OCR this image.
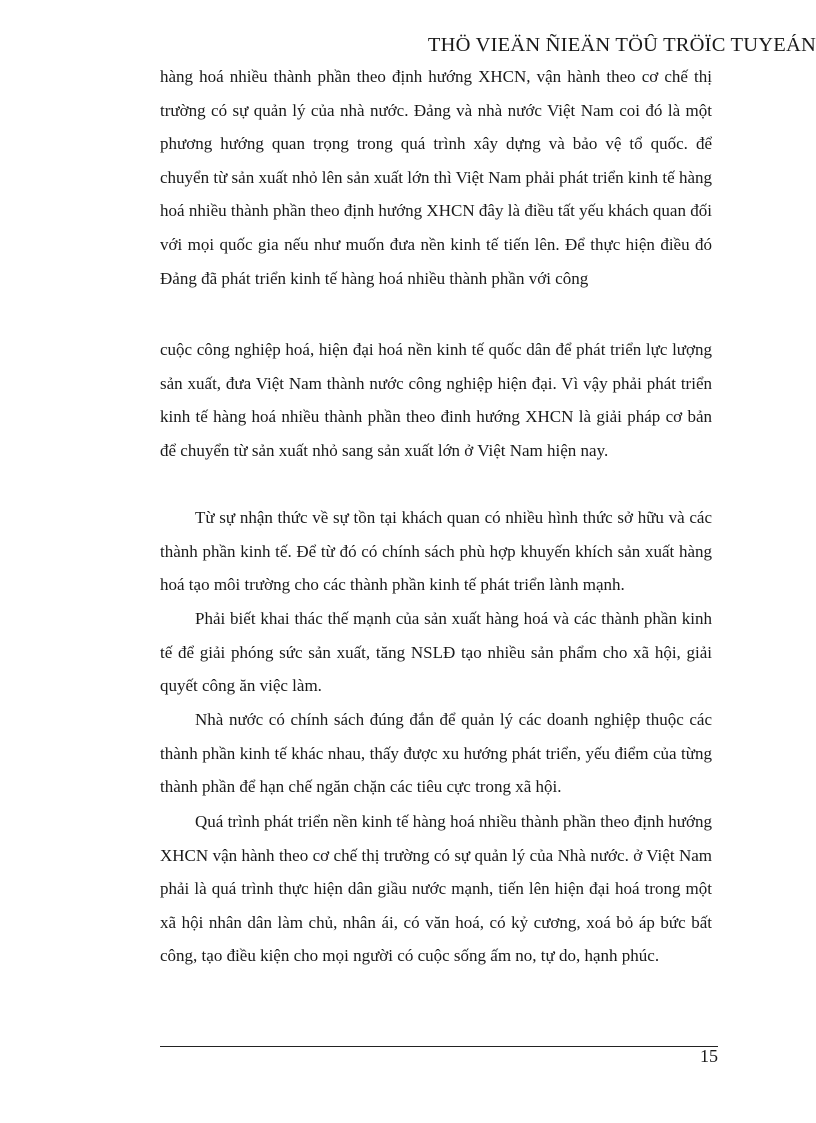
THÖ VIEÄN ÑIEÄN TÖÛ TRÖÏC TUYEÁN

hàng hoá nhiều thành phần theo định hướng XHCN, vận hành theo cơ chế thị trường có sự quản lý của nhà nước. Đảng và nhà nước Việt Nam coi đó là một phương hướng quan trọng trong quá trình xây dựng và bảo vệ tổ quốc. để chuyển từ sản xuất nhỏ lên sản xuất lớn thì Việt Nam phải phát triển kinh tế hàng hoá nhiều thành phần theo định hướng XHCN đây là điều tất yếu khách quan đối với mọi quốc gia nếu như muốn đưa nền kinh tế tiến lên. Để thực hiện điều đó Đảng đã phát triển kinh tế hàng hoá nhiều thành phần với công

cuộc công nghiệp hoá, hiện đại hoá nền kinh tế quốc dân để phát triển lực lượng sản xuất, đưa Việt Nam thành nước công nghiệp hiện đại. Vì vậy phải phát triển kinh tế hàng hoá nhiều thành phần theo đinh hướng XHCN là giải pháp cơ bản để chuyển từ sản xuất nhỏ sang sản xuất lớn ở Việt Nam hiện nay.

Từ sự nhận thức về sự tồn tại khách quan có nhiều hình thức sở hữu và các thành phần kinh tế. Để từ đó có chính sách phù hợp khuyến khích sản xuất hàng hoá tạo môi trường cho các thành phần kinh tế phát triển lành mạnh.

Phải biết khai thác thế mạnh của sản xuất hàng hoá và các thành phần kinh tế để giải phóng sức sản xuất, tăng NSLĐ tạo nhiều sản phẩm cho xã hội, giải quyết công ăn việc làm.

Nhà nước có chính sách đúng đắn để quản lý các doanh nghiệp thuộc các thành phần kinh tế khác nhau, thấy được xu hướng phát triển, yếu điểm của từng thành phần để hạn chế ngăn chặn các tiêu cực trong xã hội.

Quá trình phát triển nền kinh tế hàng hoá nhiều thành phần theo định hướng XHCN vận hành theo cơ chế thị trường có sự quản lý của Nhà nước. ở Việt Nam phải là quá trình thực hiện dân giầu nước mạnh, tiến lên hiện đại hoá trong một xã hội nhân dân làm chủ, nhân ái, có văn hoá, có kỷ cương, xoá bỏ áp bức bất công, tạo điều kiện cho mọi người có cuộc sống ấm no, tự do, hạnh phúc.

15
